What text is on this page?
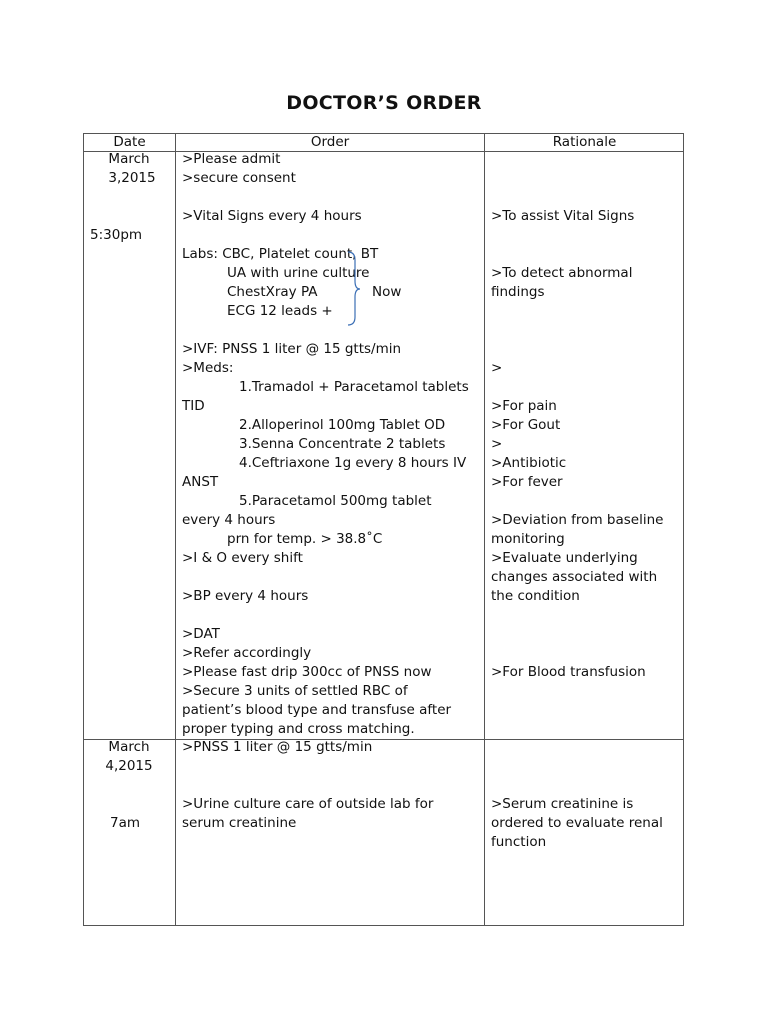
DOCTOR’S ORDER
Date	Order	Rationale
March
3,2015
5:30pm
>Please admit
>secure consent
>Vital Signs every 4 hours
Labs: CBC, Platelet count, BT
UA with urine culture
ChestXray PA
ECG 12 leads +
Now
>IVF: PNSS 1 liter @ 15 gtts/min
>Meds:
1.Tramadol + Paracetamol tablets
TID
2.Alloperinol 100mg Tablet OD
3.Senna Concentrate 2 tablets
4.Ceftriaxone 1g every 8 hours IV
ANST
5.Paracetamol 500mg tablet
every 4 hours
prn for temp. > 38.8˚C
>I & O every shift
>BP every 4 hours
>DAT
>Refer accordingly
>Please fast drip 300cc of PNSS now
>Secure 3 units of settled RBC of
patient’s blood type and transfuse after
proper typing and cross matching.
>To assist Vital Signs
>To detect abnormal
findings
>
>For pain
>For Gout
>
>Antibiotic
>For fever
>Deviation from baseline
monitoring
>Evaluate underlying
changes associated with
the condition
>For Blood transfusion
March
4,2015
7am
>PNSS 1 liter @ 15 gtts/min
>Urine culture care of outside lab for
serum creatinine
>Serum creatinine is
ordered to evaluate renal
function
